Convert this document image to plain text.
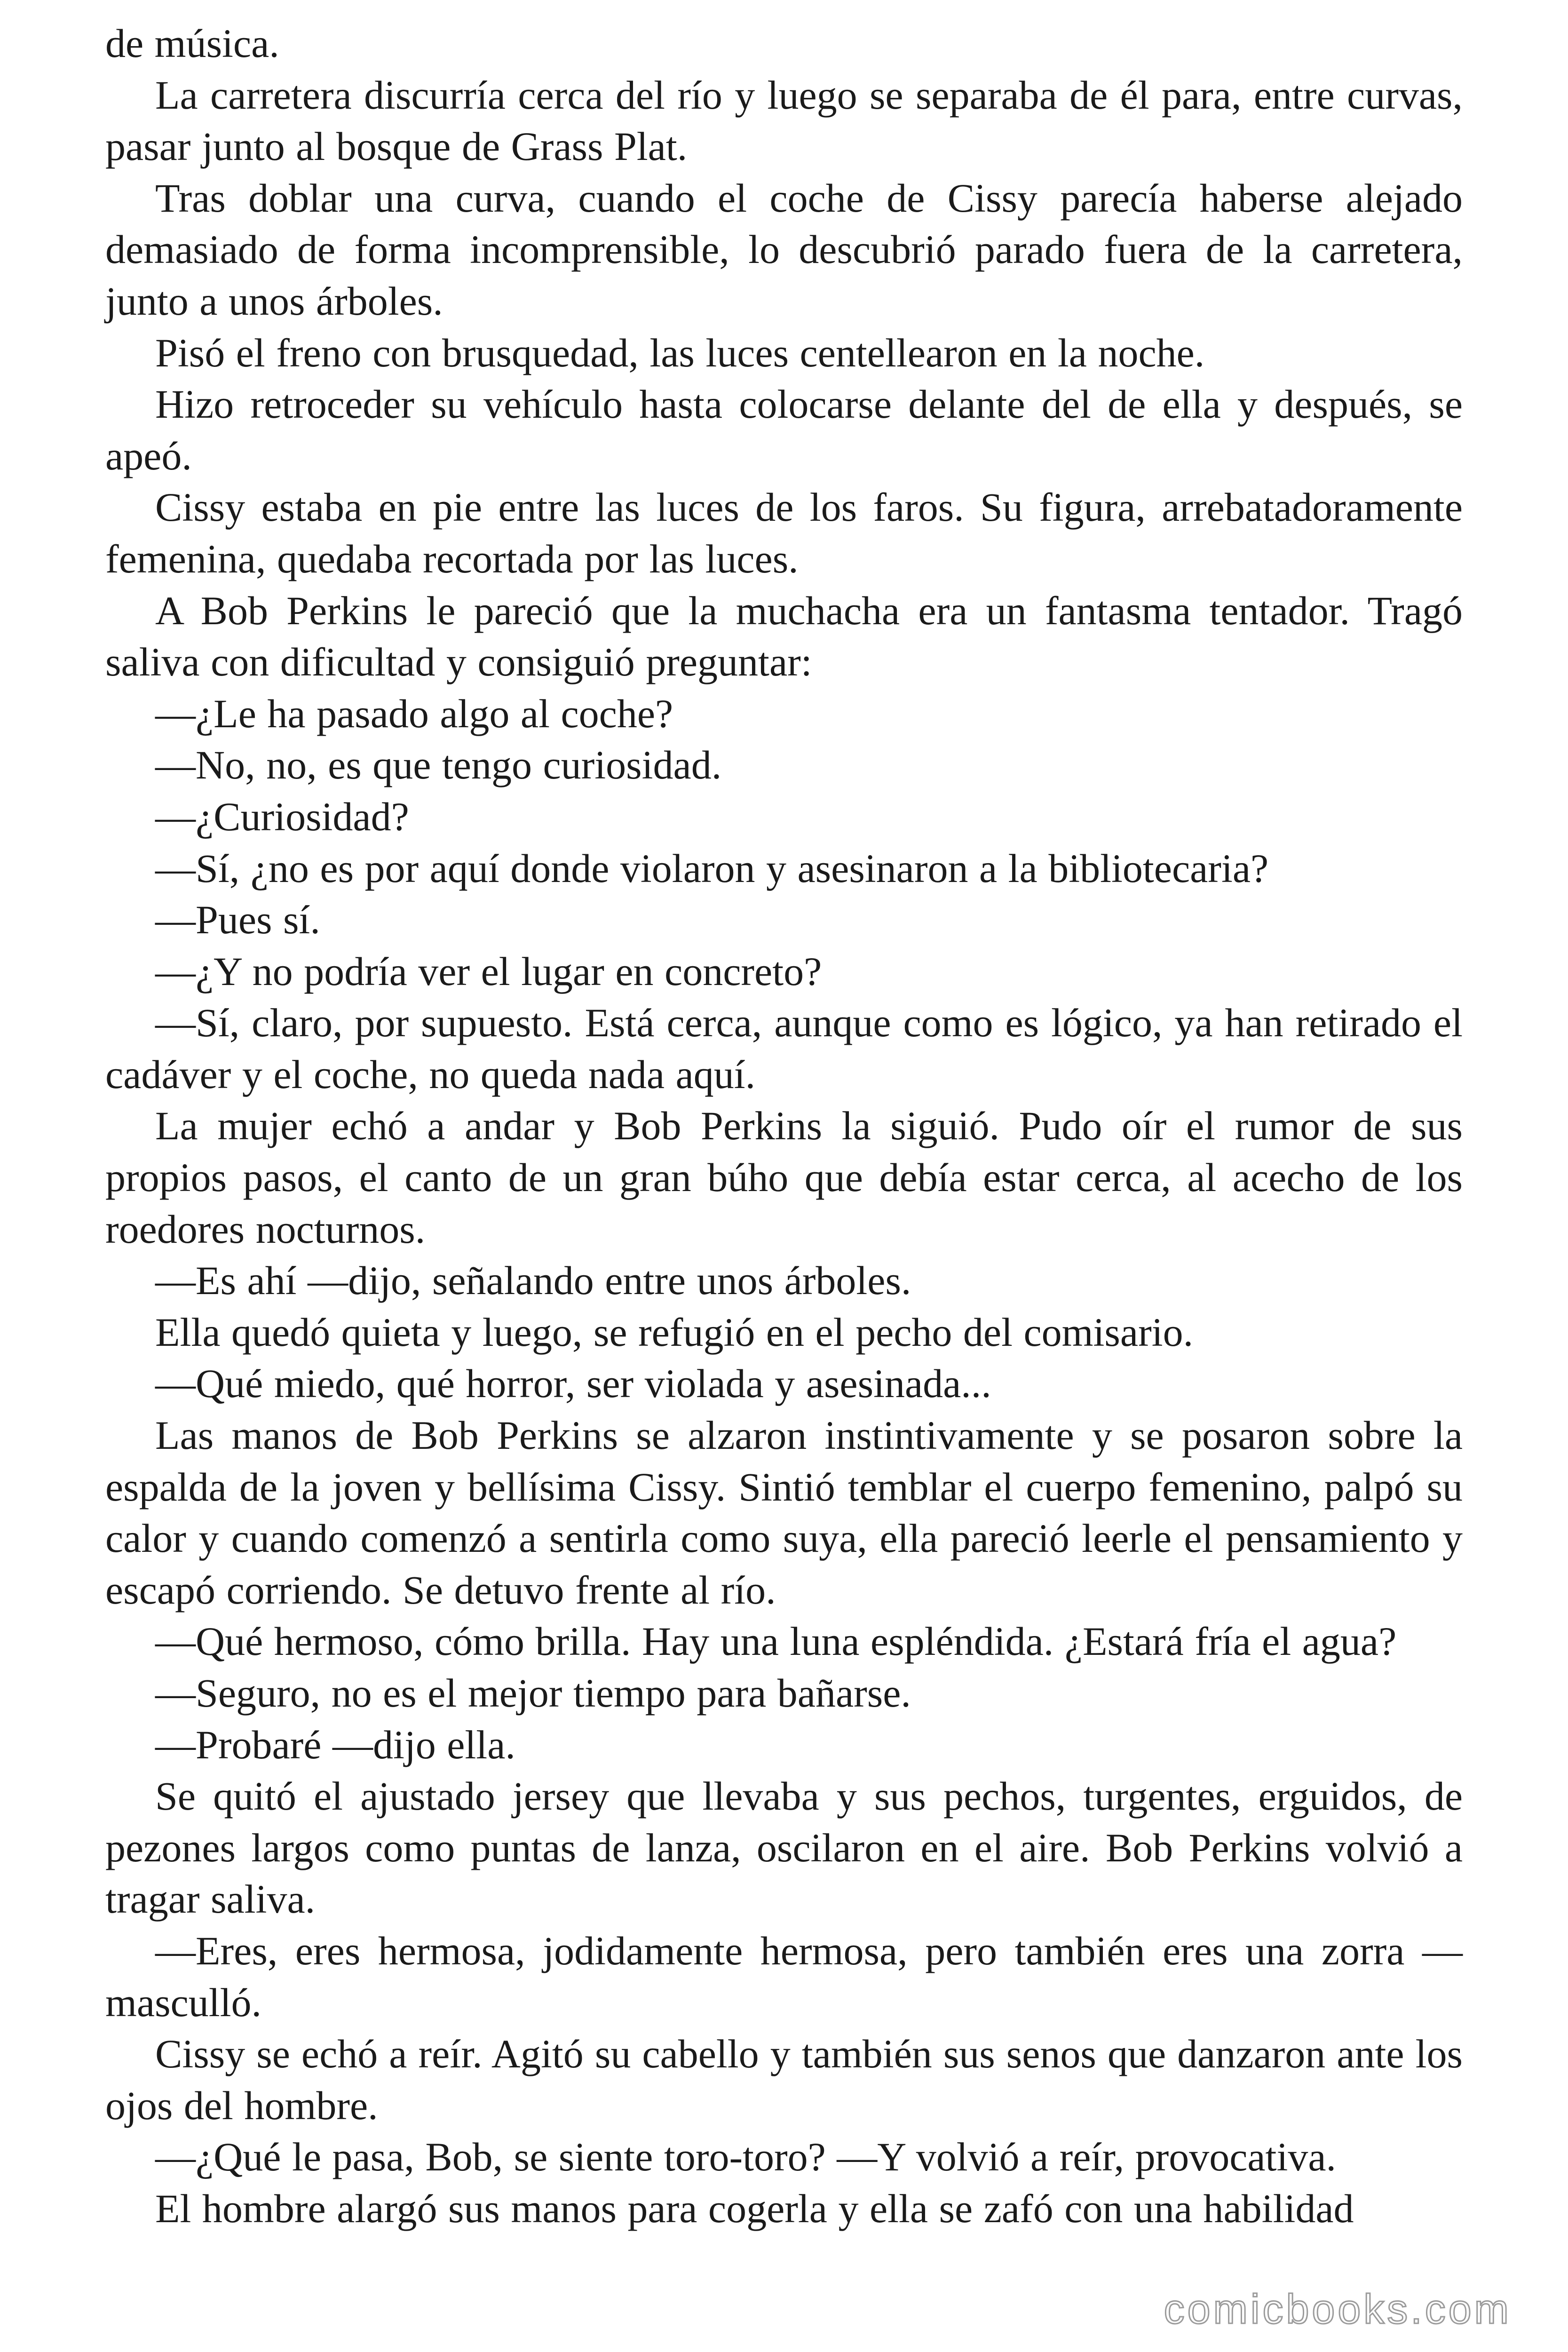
de música.

La carretera discurría cerca del río y luego se separaba de él para, entre curvas, pasar junto al bosque de Grass Plat.

Tras doblar una curva, cuando el coche de Cissy parecía haberse alejado demasiado de forma incomprensible, lo descubrió parado fuera de la carretera, junto a unos árboles.

Pisó el freno con brusquedad, las luces centellearon en la noche.

Hizo retroceder su vehículo hasta colocarse delante del de ella y después, se apeó.

Cissy estaba en pie entre las luces de los faros. Su figura, arrebatadoramente femenina, quedaba recortada por las luces.

A Bob Perkins le pareció que la muchacha era un fantasma tentador. Tragó saliva con dificultad y consiguió preguntar:

—¿Le ha pasado algo al coche?

—No, no, es que tengo curiosidad.

—¿Curiosidad?

—Sí, ¿no es por aquí donde violaron y asesinaron a la bibliotecaria?

—Pues sí.

—¿Y no podría ver el lugar en concreto?

—Sí, claro, por supuesto. Está cerca, aunque como es lógico, ya han retirado el cadáver y el coche, no queda nada aquí.

La mujer echó a andar y Bob Perkins la siguió. Pudo oír el rumor de sus propios pasos, el canto de un gran búho que debía estar cerca, al acecho de los roedores nocturnos.

—Es ahí —dijo, señalando entre unos árboles.

Ella quedó quieta y luego, se refugió en el pecho del comisario.

—Qué miedo, qué horror, ser violada y asesinada...

Las manos de Bob Perkins se alzaron instintivamente y se posaron sobre la espalda de la joven y bellísima Cissy. Sintió temblar el cuerpo femenino, palpó su calor y cuando comenzó a sentirla como suya, ella pareció leerle el pensamiento y escapó corriendo. Se detuvo frente al río.

—Qué hermoso, cómo brilla. Hay una luna espléndida. ¿Estará fría el agua?

—Seguro, no es el mejor tiempo para bañarse.

—Probaré —dijo ella.

Se quitó el ajustado jersey que llevaba y sus pechos, turgentes, erguidos, de pezones largos como puntas de lanza, oscilaron en el aire. Bob Perkins volvió a tragar saliva.

—Eres, eres hermosa, jodidamente hermosa, pero también eres una zorra —masculló.

Cissy se echó a reír. Agitó su cabello y también sus senos que danzaron ante los ojos del hombre.

—¿Qué le pasa, Bob, se siente toro-toro? —Y volvió a reír, provocativa.

El hombre alargó sus manos para cogerla y ella se zafó con una habilidad

comicbooks.com
